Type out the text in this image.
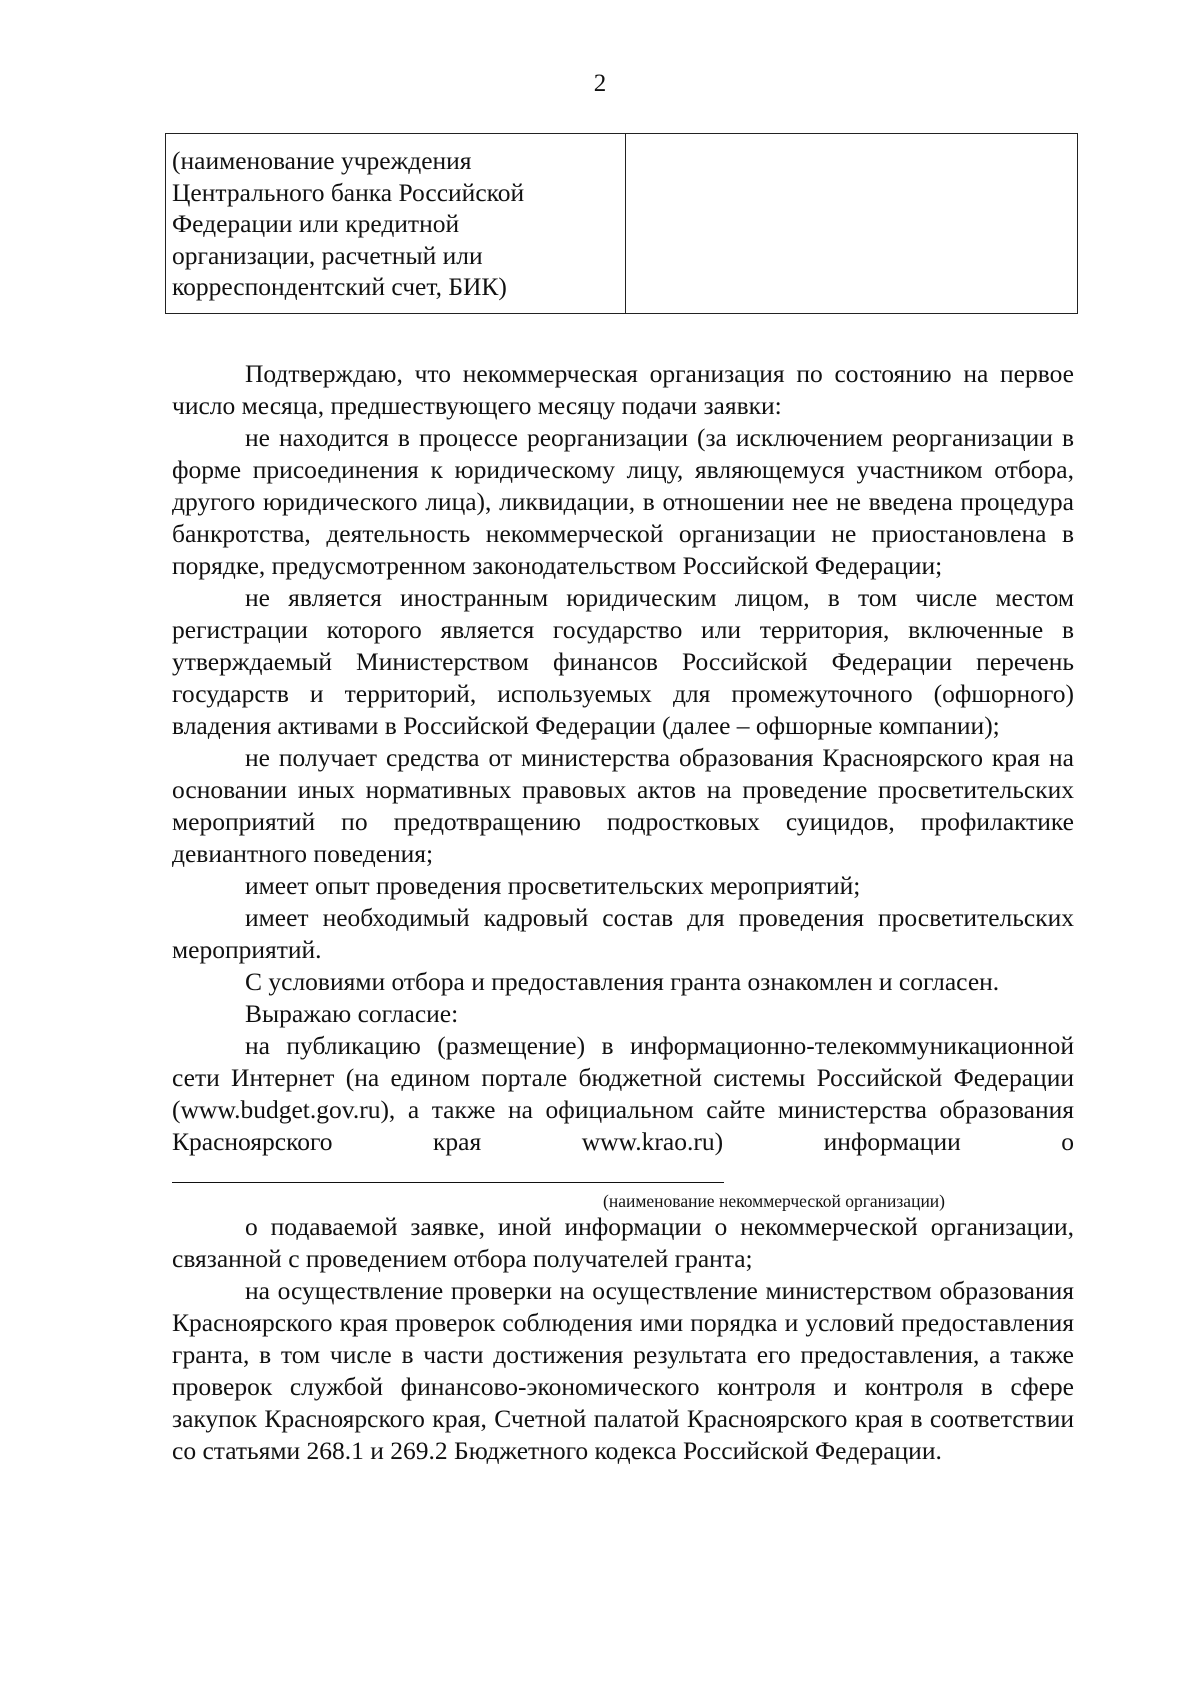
2
(наименование учреждения
Центрального банка Российской
Федерации или кредитной
организации, расчетный или
корреспондентский счет, БИК)

Подтверждаю, что некоммерческая организация по состоянию на первое число месяца, предшествующего месяцу подачи заявки:

не находится в процессе реорганизации (за исключением реорганизации в форме присоединения к юридическому лицу, являющемуся участником отбора, другого юридического лица), ликвидации, в отношении нее не введена процедура банкротства, деятельность некоммерческой организации не приостановлена в порядке, предусмотренном законодательством Российской Федерации;

не является иностранным юридическим лицом, в том числе местом регистрации которого является государство или территория, включенные в утверждаемый Министерством финансов Российской Федерации перечень государств и территорий, используемых для промежуточного (офшорного) владения активами в Российской Федерации (далее – офшорные компании);

не получает средства от министерства образования Красноярского края на основании иных нормативных правовых актов на проведение просветительских мероприятий по предотвращению подростковых суицидов, профилактике девиантного поведения;

имеет опыт проведения просветительских мероприятий;

имеет необходимый кадровый состав для проведения просветительских мероприятий.

С условиями отбора и предоставления гранта ознакомлен и согласен.

Выражаю согласие:

на публикацию (размещение) в информационно-телекоммуникационной сети Интернет (на едином портале бюджетной системы Российской Федерации (www.budget.gov.ru), а также на официальном сайте министерства образования Красноярского края www.krao.ru) информации о

(наименование некоммерческой организации)

о подаваемой заявке, иной информации о некоммерческой организации, связанной с проведением отбора получателей гранта;

на осуществление проверки на осуществление министерством образования Красноярского края проверок соблюдения ими порядка и условий предоставления гранта, в том числе в части достижения результата его предоставления, а также проверок службой финансово-экономического контроля и контроля в сфере закупок Красноярского края, Счетной палатой Красноярского края в соответствии со статьями 268.1 и 269.2 Бюджетного кодекса Российской Федерации.
